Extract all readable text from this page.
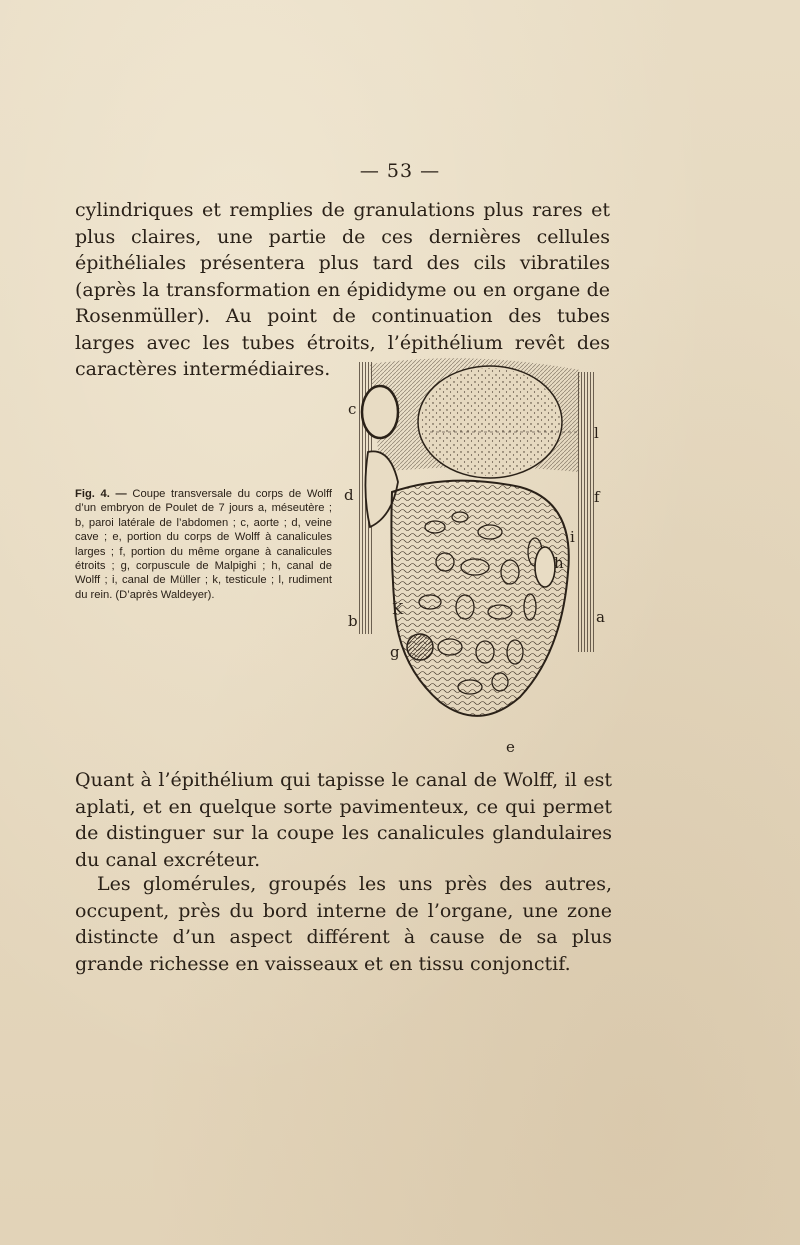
— 53 —

cylindriques et remplies de granulations plus rares et plus claires, une partie de ces dernières cellules épithéliales présentera plus tard des cils vibratiles (après la transformation en épididyme ou en organe de Rosenmüller). Au point de continuation des tubes larges avec les tubes étroits, l’épithélium revêt des caractères intermédiaires.

Fig. 4. — Coupe transversale du corps de Wolff d’un embryon de Poulet de 7 jours a, méseutère ; b, paroi latérale de l’abdomen ; c, aorte ; d, veine cave ; e, portion du corps de Wolff à canalicules larges ; f, portion du même organe à canalicules étroits ; g, corpuscule de Malpighi ; h, canal de Wolff ; i, canal de Müller ; k, testicule ; l, rudiment du rein. (D’après Waldeyer).

c
l
d	f
i
h
K
b	a
g
e

Quant à l’épithélium qui tapisse le canal de Wolff, il est aplati, et en quelque sorte pavimenteux, ce qui permet de distinguer sur la coupe les canalicules glandulaires du canal excréteur.

Les glomérules, groupés les uns près des autres, occupent, près du bord interne de l’organe, une zone distincte d’un aspect différent à cause de sa plus grande richesse en vaisseaux et en tissu conjonctif.
